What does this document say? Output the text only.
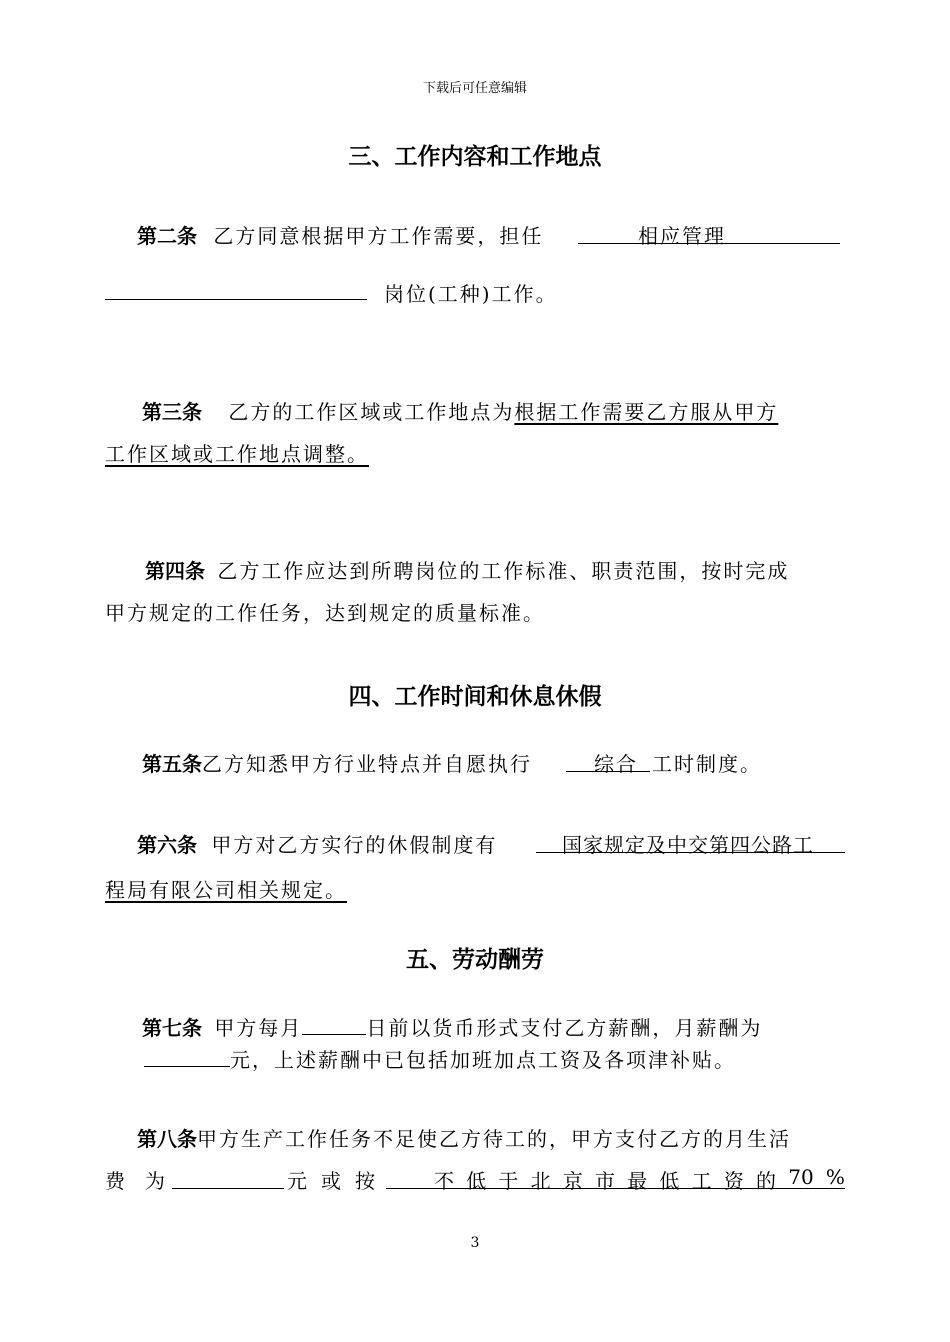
下载后可任意编辑
三、工作内容和工作地点
第二条 乙方同意根据甲方工作需要，担任	相应管理
岗位(工种)工作。
第三条 乙方的工作区域或工作地点为根据工作需要乙方服从甲方
工作区域或工作地点调整。
第四条 乙方工作应达到所聘岗位的工作标准、职责范围，按时完成
甲方规定的工作任务，达到规定的质量标准。
四、工作时间和休息休假
第五条乙方知悉甲方行业特点并自愿执行	综合 工时制度。
第六条 甲方对乙方实行的休假制度有	国家规定及中交第四公路工
程局有限公司相关规定。
五、劳动酬劳
第七条 甲方每月	日前以货币形式支付乙方薪酬，月薪酬为
元，上述薪酬中已包括加班加点工资及各项津补贴。
第八条甲方生产工作任务不足使乙方待工的，甲方支付乙方的月生活
费 为	元 或 按	不 低 于 北 京 市 最 低 工 资 的 70 %
3
